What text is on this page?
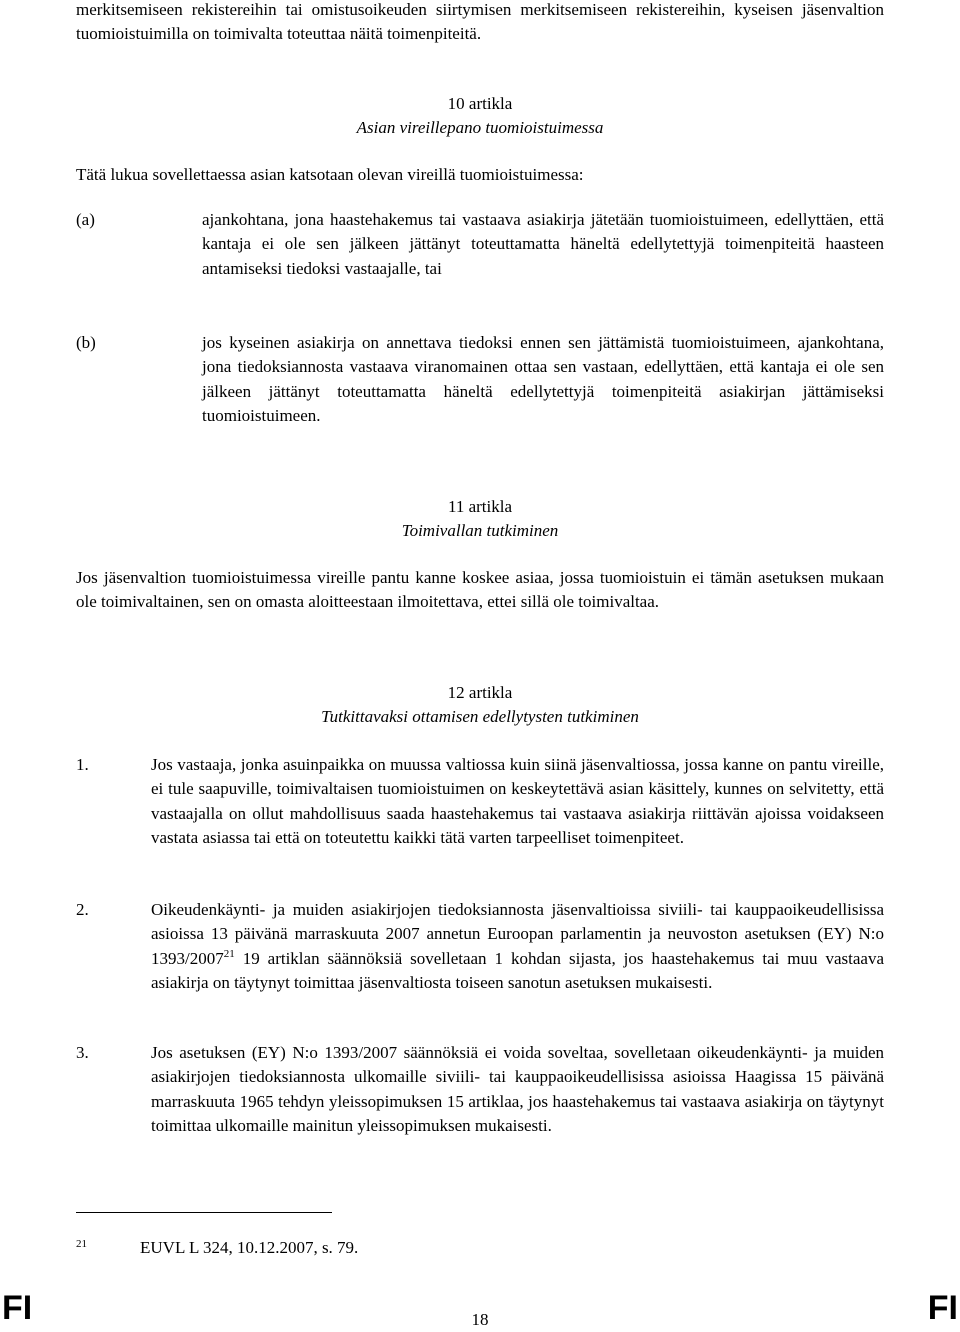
merkitsemiseen rekistereihin tai omistusoikeuden siirtymisen merkitsemiseen rekistereihin, kyseisen jäsenvaltion tuomioistuimilla on toimivalta toteuttaa näitä toimenpiteitä.

10 artikla
Asian vireillepano tuomioistuimessa

Tätä lukua sovellettaessa asian katsotaan olevan vireillä tuomioistuimessa:

(a)	ajankohtana, jona haastehakemus tai vastaava asiakirja jätetään tuomioistuimeen, edellyttäen, että kantaja ei ole sen jälkeen jättänyt toteuttamatta häneltä edellytettyjä toimenpiteitä haasteen antamiseksi tiedoksi vastaajalle, tai
(b)	jos kyseinen asiakirja on annettava tiedoksi ennen sen jättämistä tuomioistuimeen, ajankohtana, jona tiedoksiannosta vastaava viranomainen ottaa sen vastaan, edellyttäen, että kantaja ei ole sen jälkeen jättänyt toteuttamatta häneltä edellytettyjä toimenpiteitä asiakirjan jättämiseksi tuomioistuimeen.
11 artikla
Toimivallan tutkiminen

Jos jäsenvaltion tuomioistuimessa vireille pantu kanne koskee asiaa, jossa tuomioistuin ei tämän asetuksen mukaan ole toimivaltainen, sen on omasta aloitteestaan ilmoitettava, ettei sillä ole toimivaltaa.

12 artikla
Tutkittavaksi ottamisen edellytysten tutkiminen
1.	Jos vastaaja, jonka asuinpaikka on muussa valtiossa kuin siinä jäsenvaltiossa, jossa kanne on pantu vireille, ei tule saapuville, toimivaltaisen tuomioistuimen on keskeytettävä asian käsittely, kunnes on selvitetty, että vastaajalla on ollut mahdollisuus saada haastehakemus tai vastaava asiakirja riittävän ajoissa voidakseen vastata asiassa tai että on toteutettu kaikki tätä varten tarpeelliset toimenpiteet.
2.	Oikeudenkäynti- ja muiden asiakirjojen tiedoksiannosta jäsenvaltioissa siviili- tai kauppaoikeudellisissa asioissa 13 päivänä marraskuuta 2007 annetun Euroopan parlamentin ja neuvoston asetuksen (EY) N:o 1393/2007$^{21}$ 19 artiklan säännöksiä sovelletaan 1 kohdan sijasta, jos haastehakemus tai muu vastaava asiakirja on täytynyt toimittaa jäsenvaltiosta toiseen sanotun asetuksen mukaisesti.
3.	Jos asetuksen (EY) N:o 1393/2007 säännöksiä ei voida soveltaa, sovelletaan oikeudenkäynti- ja muiden asiakirjojen tiedoksiannosta ulkomaille siviili- tai kauppaoikeudellisissa asioissa Haagissa 15 päivänä marraskuuta 1965 tehdyn yleissopimuksen 15 artiklaa, jos haastehakemus tai vastaava asiakirja on täytynyt toimittaa ulkomaille mainitun yleissopimuksen mukaisesti.
21	EUVL L 324, 10.12.2007, s. 79.
FI	18	FI
